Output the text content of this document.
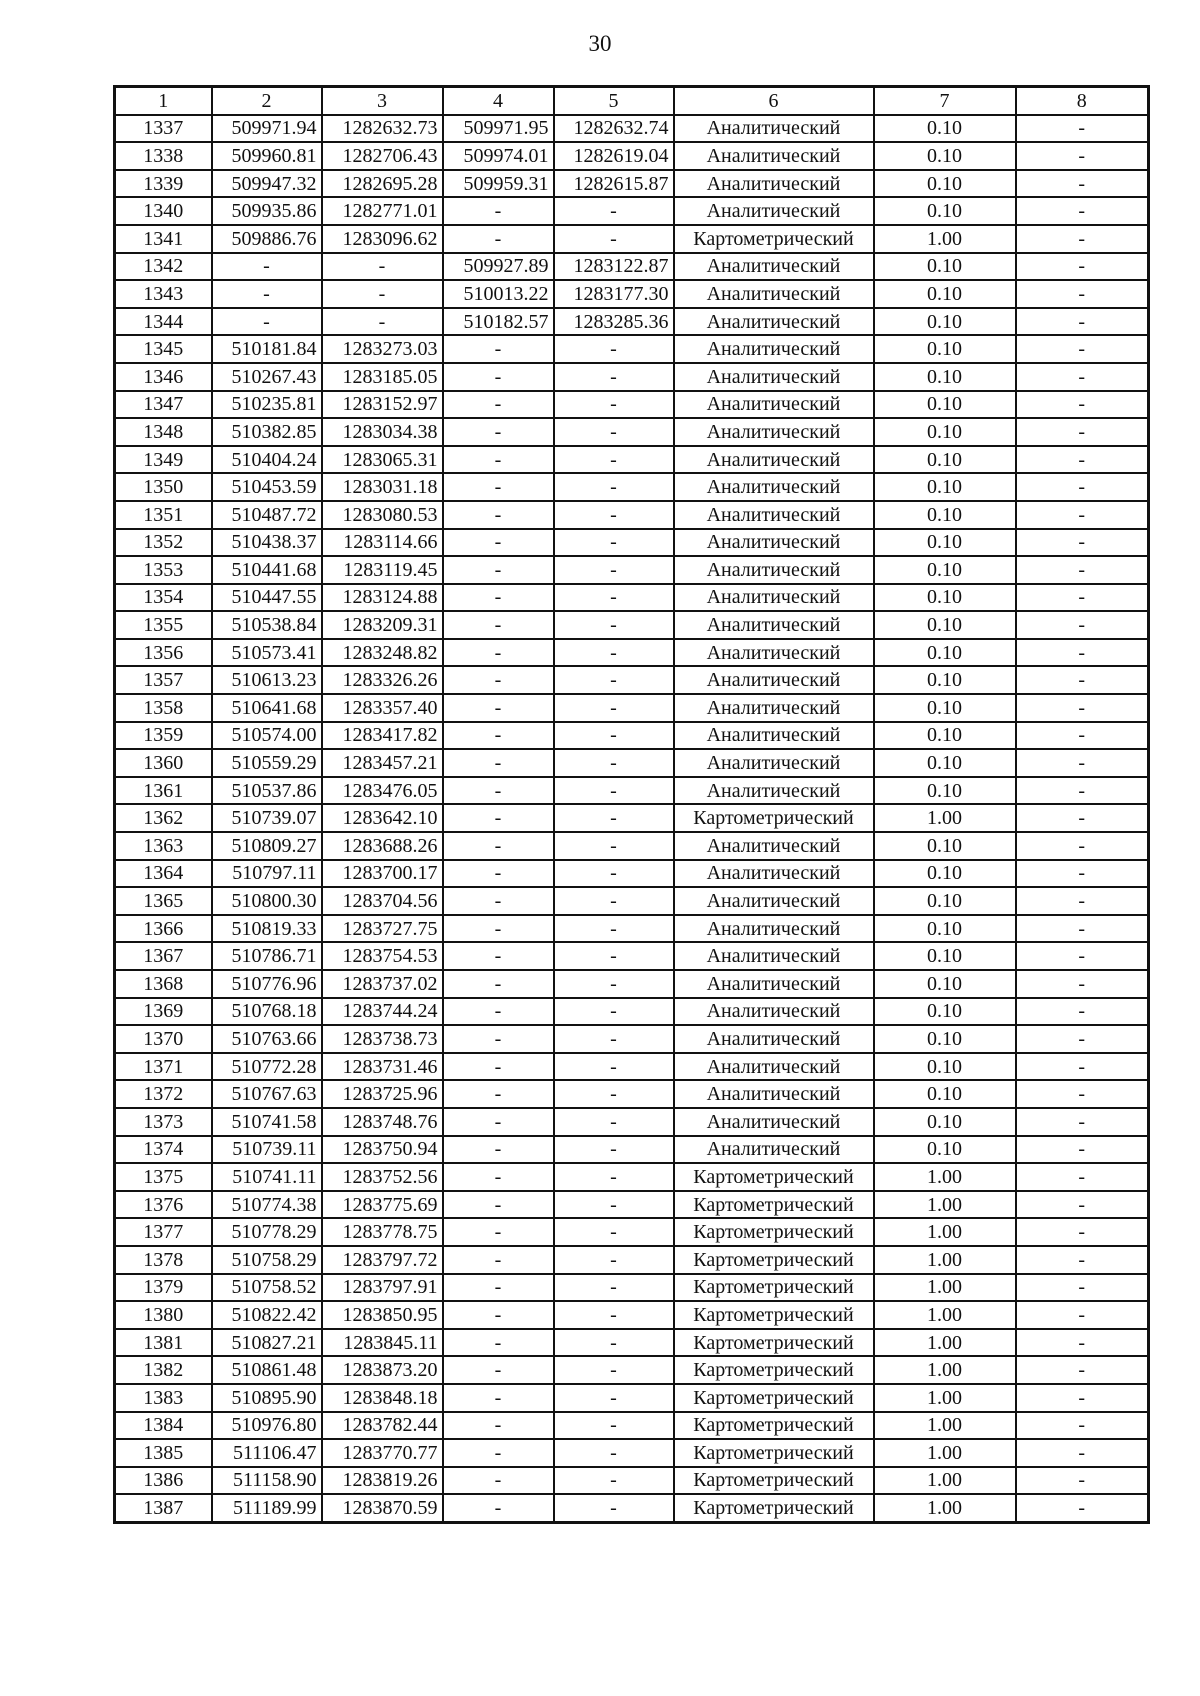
30
1	2	3	4	5	6	7	8
1337	509971.94	1282632.73	509971.95	1282632.74	Аналитический	0.10	-
1338	509960.81	1282706.43	509974.01	1282619.04	Аналитический	0.10	-
1339	509947.32	1282695.28	509959.31	1282615.87	Аналитический	0.10	-
1340	509935.86	1282771.01	-	-	Аналитический	0.10	-
1341	509886.76	1283096.62	-	-	Картометрический	1.00	-
1342	-	-	509927.89	1283122.87	Аналитический	0.10	-
1343	-	-	510013.22	1283177.30	Аналитический	0.10	-
1344	-	-	510182.57	1283285.36	Аналитический	0.10	-
1345	510181.84	1283273.03	-	-	Аналитический	0.10	-
1346	510267.43	1283185.05	-	-	Аналитический	0.10	-
1347	510235.81	1283152.97	-	-	Аналитический	0.10	-
1348	510382.85	1283034.38	-	-	Аналитический	0.10	-
1349	510404.24	1283065.31	-	-	Аналитический	0.10	-
1350	510453.59	1283031.18	-	-	Аналитический	0.10	-
1351	510487.72	1283080.53	-	-	Аналитический	0.10	-
1352	510438.37	1283114.66	-	-	Аналитический	0.10	-
1353	510441.68	1283119.45	-	-	Аналитический	0.10	-
1354	510447.55	1283124.88	-	-	Аналитический	0.10	-
1355	510538.84	1283209.31	-	-	Аналитический	0.10	-
1356	510573.41	1283248.82	-	-	Аналитический	0.10	-
1357	510613.23	1283326.26	-	-	Аналитический	0.10	-
1358	510641.68	1283357.40	-	-	Аналитический	0.10	-
1359	510574.00	1283417.82	-	-	Аналитический	0.10	-
1360	510559.29	1283457.21	-	-	Аналитический	0.10	-
1361	510537.86	1283476.05	-	-	Аналитический	0.10	-
1362	510739.07	1283642.10	-	-	Картометрический	1.00	-
1363	510809.27	1283688.26	-	-	Аналитический	0.10	-
1364	510797.11	1283700.17	-	-	Аналитический	0.10	-
1365	510800.30	1283704.56	-	-	Аналитический	0.10	-
1366	510819.33	1283727.75	-	-	Аналитический	0.10	-
1367	510786.71	1283754.53	-	-	Аналитический	0.10	-
1368	510776.96	1283737.02	-	-	Аналитический	0.10	-
1369	510768.18	1283744.24	-	-	Аналитический	0.10	-
1370	510763.66	1283738.73	-	-	Аналитический	0.10	-
1371	510772.28	1283731.46	-	-	Аналитический	0.10	-
1372	510767.63	1283725.96	-	-	Аналитический	0.10	-
1373	510741.58	1283748.76	-	-	Аналитический	0.10	-
1374	510739.11	1283750.94	-	-	Аналитический	0.10	-
1375	510741.11	1283752.56	-	-	Картометрический	1.00	-
1376	510774.38	1283775.69	-	-	Картометрический	1.00	-
1377	510778.29	1283778.75	-	-	Картометрический	1.00	-
1378	510758.29	1283797.72	-	-	Картометрический	1.00	-
1379	510758.52	1283797.91	-	-	Картометрический	1.00	-
1380	510822.42	1283850.95	-	-	Картометрический	1.00	-
1381	510827.21	1283845.11	-	-	Картометрический	1.00	-
1382	510861.48	1283873.20	-	-	Картометрический	1.00	-
1383	510895.90	1283848.18	-	-	Картометрический	1.00	-
1384	510976.80	1283782.44	-	-	Картометрический	1.00	-
1385	511106.47	1283770.77	-	-	Картометрический	1.00	-
1386	511158.90	1283819.26	-	-	Картометрический	1.00	-
1387	511189.99	1283870.59	-	-	Картометрический	1.00	-
